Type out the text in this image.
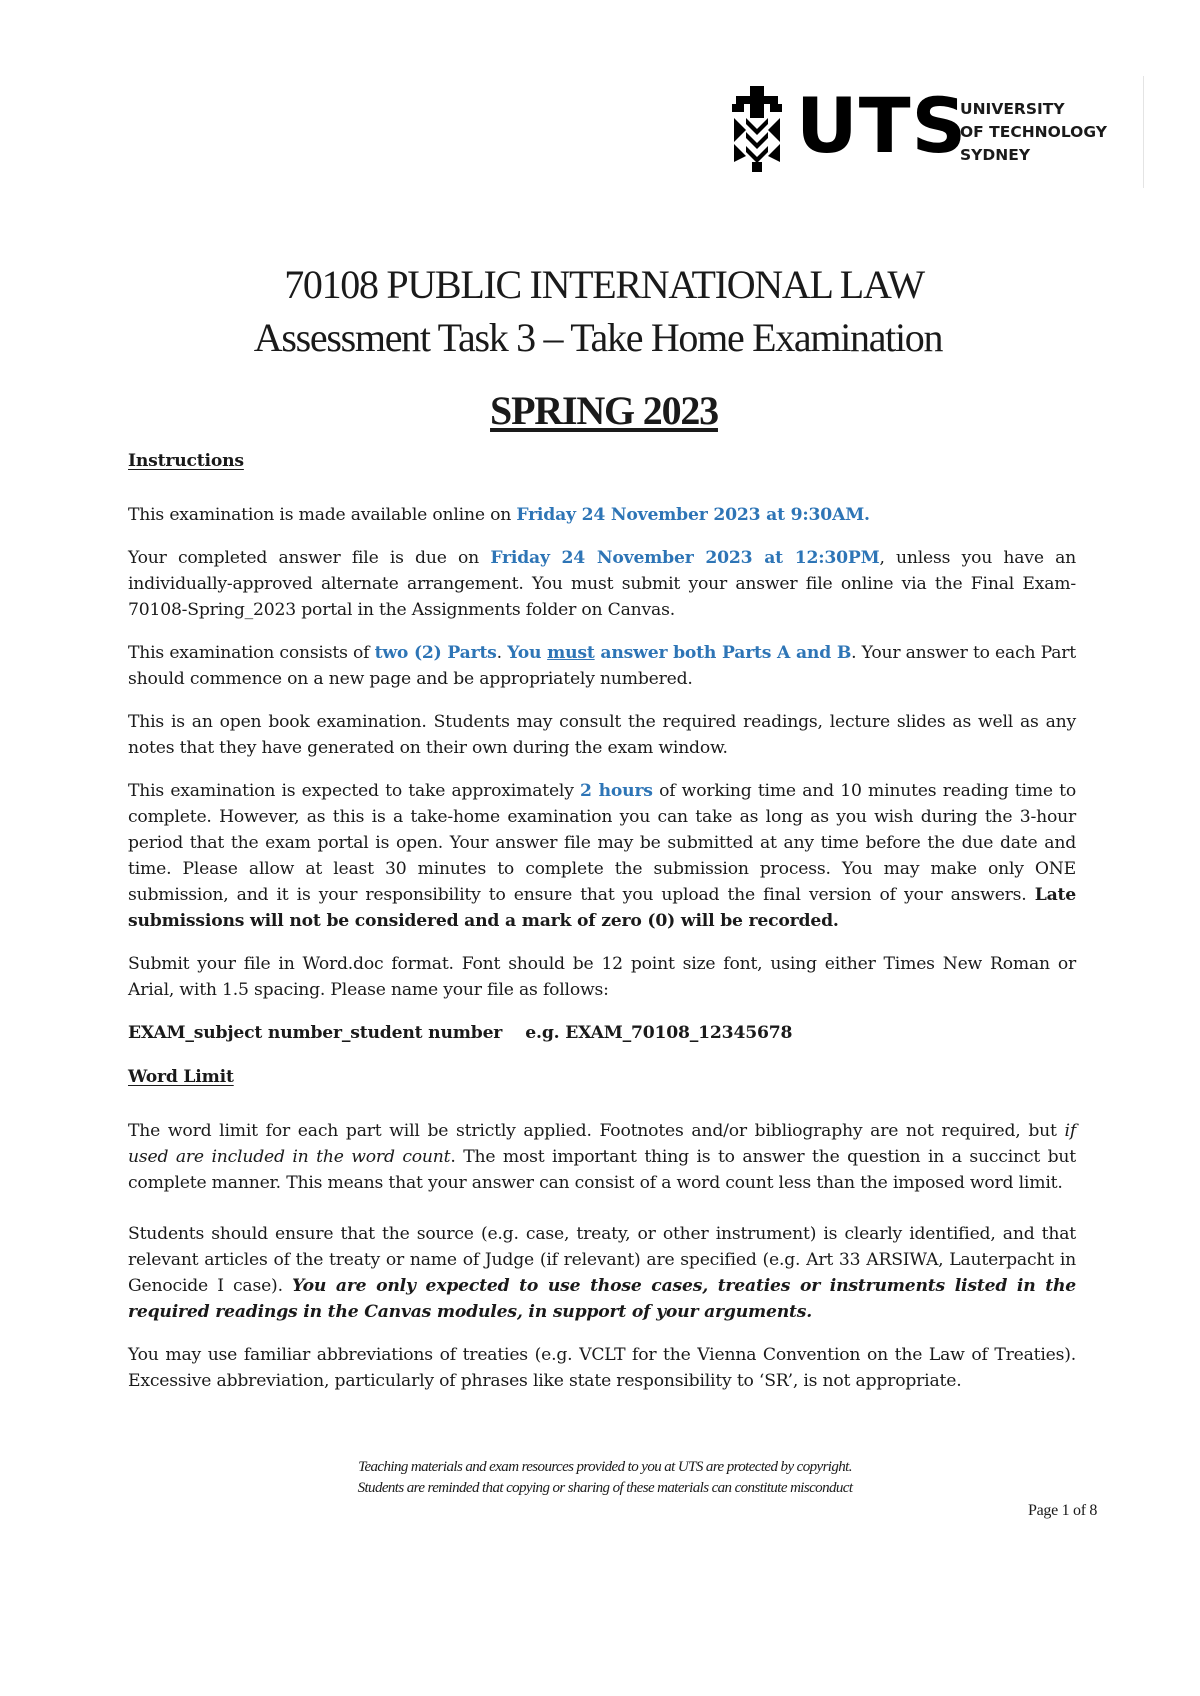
UTS
UNIVERSITY
OF TECHNOLOGY
SYDNEY
70108 PUBLIC INTERNATIONAL LAW
Assessment Task 3 – Take Home Examination
SPRING 2023
Instructions

This examination is made available online on Friday 24 November 2023 at 9:30AM.

Your completed answer file is due on Friday 24 November 2023 at 12:30PM, unless you have an individually-approved alternate arrangement. You must submit your answer file online via the Final Exam-70108-Spring_2023 portal in the Assignments folder on Canvas.

This examination consists of two (2) Parts. You must answer both Parts A and B. Your answer to each Part should commence on a new page and be appropriately numbered.

This is an open book examination. Students may consult the required readings, lecture slides as well as any notes that they have generated on their own during the exam window.

This examination is expected to take approximately 2 hours of working time and 10 minutes reading time to complete. However, as this is a take-home examination you can take as long as you wish during the 3-hour period that the exam portal is open. Your answer file may be submitted at any time before the due date and time. Please allow at least 30 minutes to complete the submission process. You may make only ONE submission, and it is your responsibility to ensure that you upload the final version of your answers. Late submissions will not be considered and a mark of zero (0) will be recorded.

Submit your file in Word.doc format. Font should be 12 point size font, using either Times New Roman or Arial, with 1.5 spacing. Please name your file as follows:

EXAM_subject number_student number    e.g. EXAM_70108_12345678
Word Limit

The word limit for each part will be strictly applied. Footnotes and/or bibliography are not required, but if used are included in the word count. The most important thing is to answer the question in a succinct but complete manner. This means that your answer can consist of a word count less than the imposed word limit.

Students should ensure that the source (e.g. case, treaty, or other instrument) is clearly identified, and that relevant articles of the treaty or name of Judge (if relevant) are specified (e.g. Art 33 ARSIWA, Lauterpacht in Genocide I case). You are only expected to use those cases, treaties or instruments listed in the required readings in the Canvas modules, in support of your arguments.

You may use familiar abbreviations of treaties (e.g. VCLT for the Vienna Convention on the Law of Treaties). Excessive abbreviation, particularly of phrases like state responsibility to ‘SR’, is not appropriate.

Teaching materials and exam resources provided to you at UTS are protected by copyright.
Students are reminded that copying or sharing of these materials can constitute misconduct
Page 1 of 8
